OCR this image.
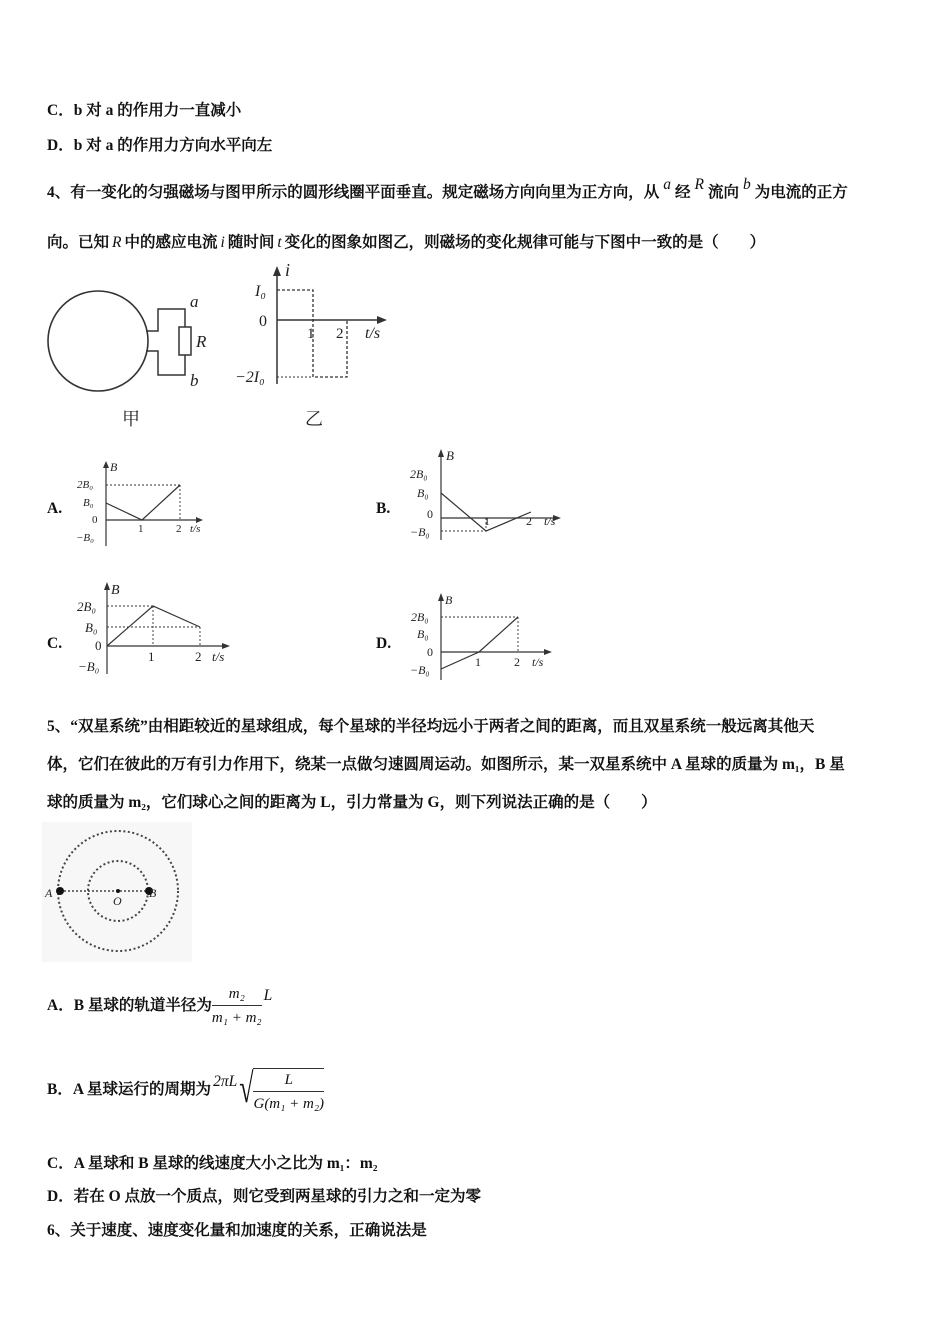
C．b 对 a 的作用力一直减小
D．b 对 a 的作用力方向水平向左
4、有一变化的匀强磁场与图甲所示的圆形线圈平面垂直。规定磁场方向向里为正方向，从 a 经 R 流向 b 为电流的正方
向。已知 R 中的感应电流 i 随时间 t 变化的图象如图乙，则磁场的变化规律可能与下图中一致的是（　　）
a
R
b
甲
i
I₀
0
1 2 t/s
−2I₀
乙
A.
B
2B₀
B₀
0
−B₀
1	2 t/s
B.
B
2B₀
B₀
0
−B₀
1	2 t/s
C.
B
2B₀
B₀
0
−B₀
1	2 t/s
D.
B
2B₀
B₀
0
−B₀
1	2 t/s
5、“双星系统”由相距较近的星球组成，每个星球的半径均远小于两者之间的距离，而且双星系统一般远离其他天
体，它们在彼此的万有引力作用下，绕某一点做匀速圆周运动。如图所示，某一双星系统中 A 星球的质量为 m₁，B 星
球的质量为 m₂，它们球心之间的距离为 L，引力常量为 G，则下列说法正确的是（　　）
A
O
B
A．B 星球的轨道半径为 $\frac{\text{m₂}}{\text{m₁ + m₂}}$ L
B．A 星球运行的周期为 $2\pi L√ \frac{L}{\text{G(m₁ + m₂)}}$
C．A 星球和 B 星球的线速度大小之比为 m₁：m₂
D．若在 O 点放一个质点，则它受到两星球的引力之和一定为零
6、关于速度、速度变化量和加速度的关系，正确说法是
